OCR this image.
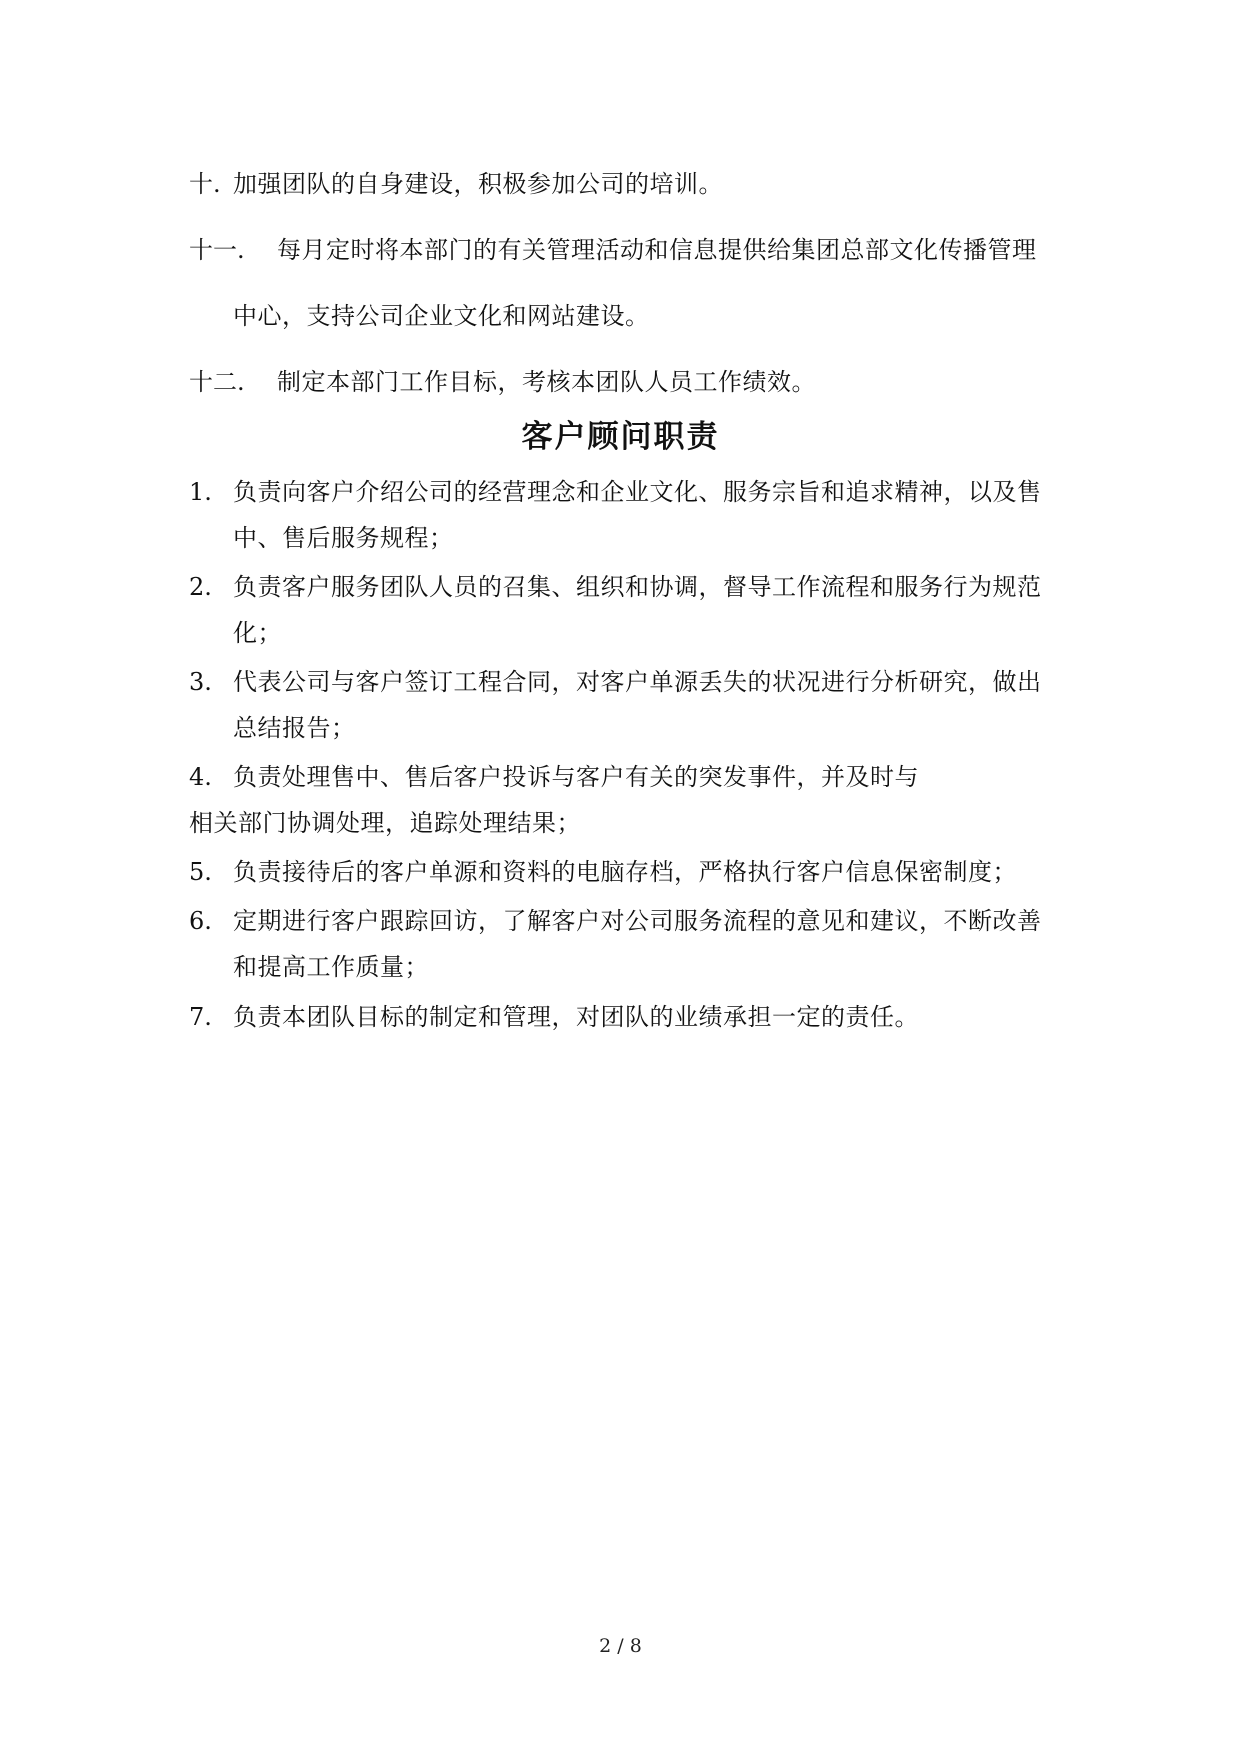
十. 加强团队的自身建设，积极参加公司的培训。
十一. 每月定时将本部门的有关管理活动和信息提供给集团总部文化传播管理
中心，支持公司企业文化和网站建设。
十二. 制定本部门工作目标，考核本团队人员工作绩效。
客户顾问职责
1. 负责向客户介绍公司的经营理念和企业文化、服务宗旨和追求精神，以及售
中、售后服务规程；
2. 负责客户服务团队人员的召集、组织和协调，督导工作流程和服务行为规范
化；
3. 代表公司与客户签订工程合同，对客户单源丢失的状况进行分析研究，做出
总结报告；
4. 负责处理售中、售后客户投诉与客户有关的突发事件，并及时与
相关部门协调处理，追踪处理结果；
5. 负责接待后的客户单源和资料的电脑存档，严格执行客户信息保密制度；
6. 定期进行客户跟踪回访，了解客户对公司服务流程的意见和建议，不断改善
和提高工作质量；
7. 负责本团队目标的制定和管理，对团队的业绩承担一定的责任。
2 / 8
